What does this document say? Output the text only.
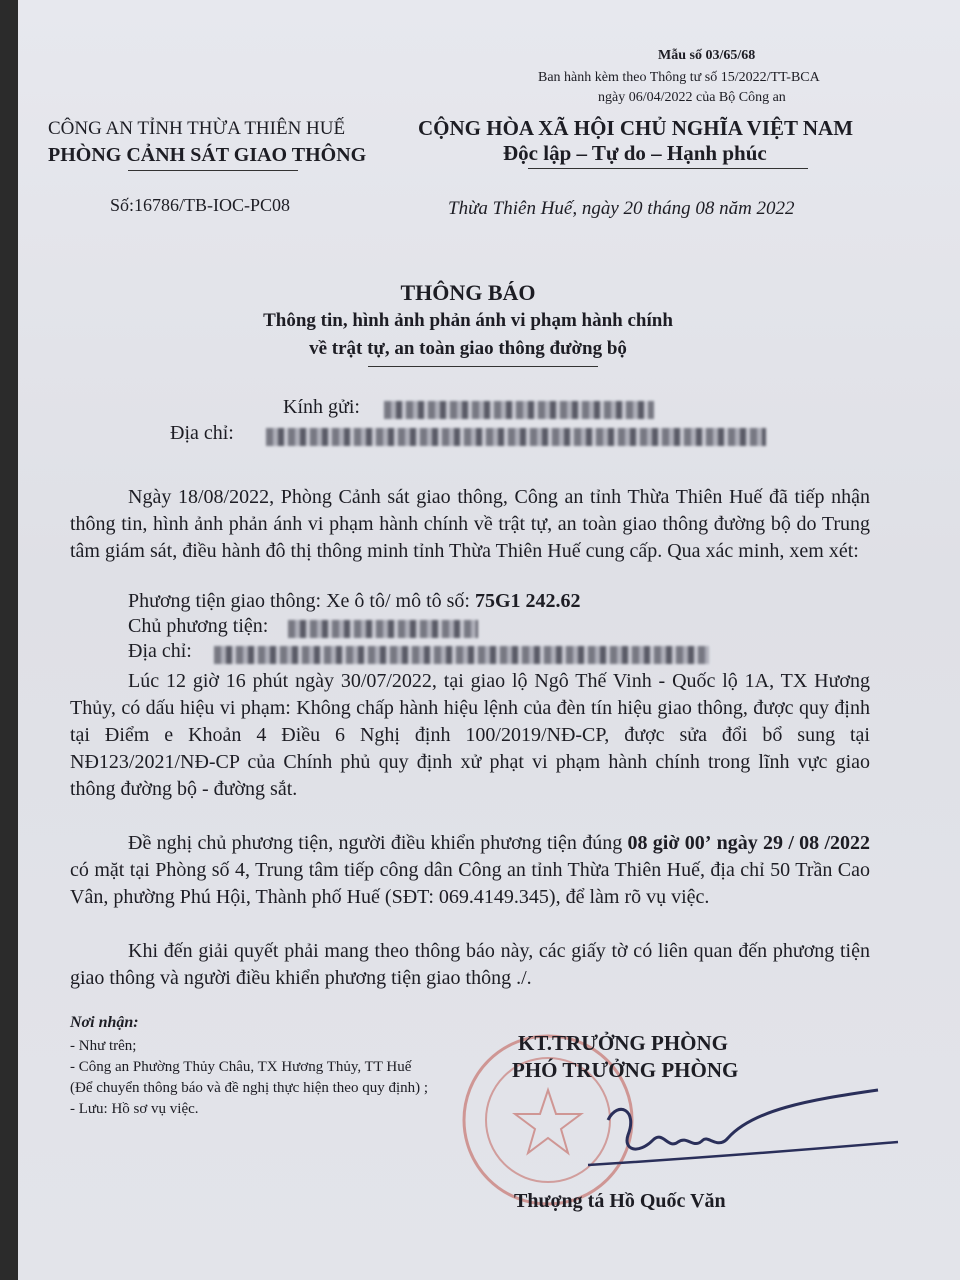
Mẫu số 03/65/68
Ban hành kèm theo Thông tư số 15/2022/TT-BCA
ngày 06/04/2022 của Bộ Công an
CÔNG AN TỈNH THỪA THIÊN HUẾ
PHÒNG CẢNH SÁT GIAO THÔNG
CỘNG HÒA XÃ HỘI CHỦ NGHĨA VIỆT NAM
Độc lập – Tự do – Hạnh phúc
Số:16786/TB-IOC-PC08	Thừa Thiên Huế, ngày 20 tháng 08 năm 2022
THÔNG BÁO
Thông tin, hình ảnh phản ánh vi phạm hành chính
về trật tự, an toàn giao thông đường bộ
Kính gửi:
Địa chỉ:
Ngày 18/08/2022, Phòng Cảnh sát giao thông, Công an tỉnh Thừa Thiên Huế đã tiếp nhận thông tin, hình ảnh phản ánh vi phạm hành chính về trật tự, an toàn giao thông đường bộ do Trung tâm giám sát, điều hành đô thị thông minh tỉnh Thừa Thiên Huế cung cấp. Qua xác minh, xem xét:
Phương tiện giao thông: Xe ô tô/ mô tô số: 75G1 242.62
Chủ phương tiện:
Địa chỉ:
Lúc 12 giờ 16 phút ngày 30/07/2022, tại giao lộ Ngô Thế Vinh - Quốc lộ 1A, TX Hương Thủy, có dấu hiệu vi phạm: Không chấp hành hiệu lệnh của đèn tín hiệu giao thông, được quy định tại Điểm e Khoản 4 Điều 6 Nghị định 100/2019/NĐ-CP, được sửa đổi bổ sung tại NĐ123/2021/NĐ-CP của Chính phủ quy định xử phạt vi phạm hành chính trong lĩnh vực giao thông đường bộ - đường sắt.
Đề nghị chủ phương tiện, người điều khiển phương tiện đúng 08 giờ 00’ ngày 29 / 08 /2022 có mặt tại Phòng số 4, Trung tâm tiếp công dân Công an tỉnh Thừa Thiên Huế, địa chỉ 50 Trần Cao Vân, phường Phú Hội, Thành phố Huế (SĐT: 069.4149.345), để làm rõ vụ việc.
Khi đến giải quyết phải mang theo thông báo này, các giấy tờ có liên quan đến phương tiện giao thông và người điều khiển phương tiện giao thông ./.
Nơi nhận:
- Như trên;
- Công an Phường Thủy Châu, TX Hương Thủy, TT Huế (Để chuyển thông báo và đề nghị thực hiện theo quy định) ;
- Lưu: Hồ sơ vụ việc.
KT.TRƯỞNG PHÒNG
PHÓ TRƯỞNG PHÒNG
Thượng tá Hồ Quốc Văn
